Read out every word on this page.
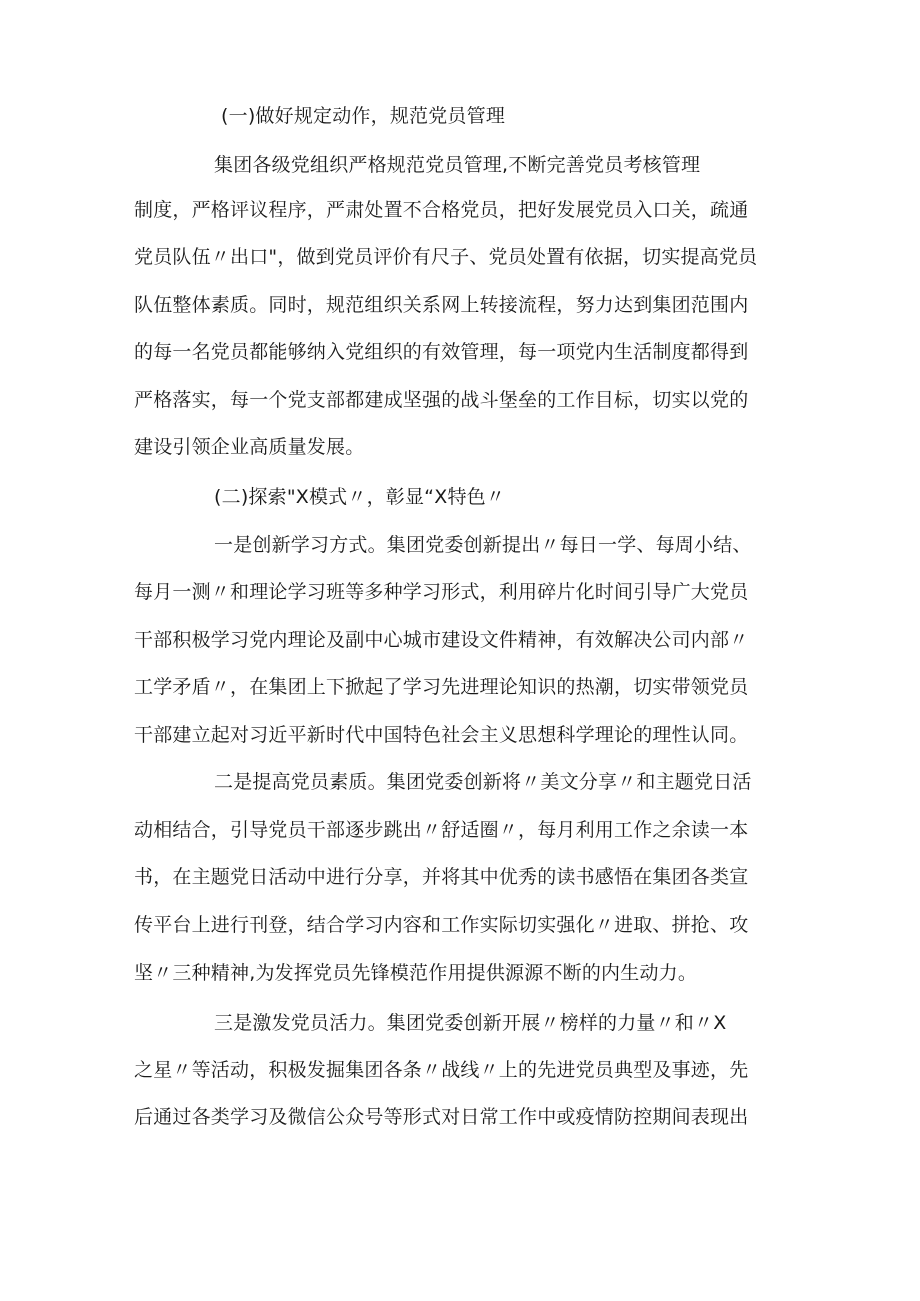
(一)做好规定动作，规范党员管理
集团各级党组织严格规范党员管理,不断完善党员考核管理
制度，严格评议程序，严肃处置不合格党员，把好发展党员入口关，疏通
党员队伍〃出口"，做到党员评价有尺子、党员处置有依据，切实提高党员
队伍整体素质。同时，规范组织关系网上转接流程，努力达到集团范围内
的每一名党员都能够纳入党组织的有效管理，每一项党内生活制度都得到
严格落实，每一个党支部都建成坚强的战斗堡垒的工作目标，切实以党的
建设引领企业高质量发展。
(二)探索"X模式〃，彰显“X特色〃
一是创新学习方式。集团党委创新提出〃每日一学、每周小结、
每月一测〃和理论学习班等多种学习形式，利用碎片化时间引导广大党员
干部积极学习党内理论及副中心城市建设文件精神，有效解决公司内部〃
工学矛盾〃，在集团上下掀起了学习先进理论知识的热潮，切实带领党员
干部建立起对习近平新时代中国特色社会主义思想科学理论的理性认同。
二是提高党员素质。集团党委创新将〃美文分享〃和主题党日活
动相结合，引导党员干部逐步跳出〃舒适圈〃，每月利用工作之余读一本
书，在主题党日活动中进行分享，并将其中优秀的读书感悟在集团各类宣
传平台上进行刊登，结合学习内容和工作实际切实强化〃进取、拼抢、攻
坚〃三种精神,为发挥党员先锋模范作用提供源源不断的内生动力。
三是激发党员活力。集团党委创新开展〃榜样的力量〃和〃X
之星〃等活动，积极发掘集团各条〃战线〃上的先进党员典型及事迹，先
后通过各类学习及微信公众号等形式对日常工作中或疫情防控期间表现出
